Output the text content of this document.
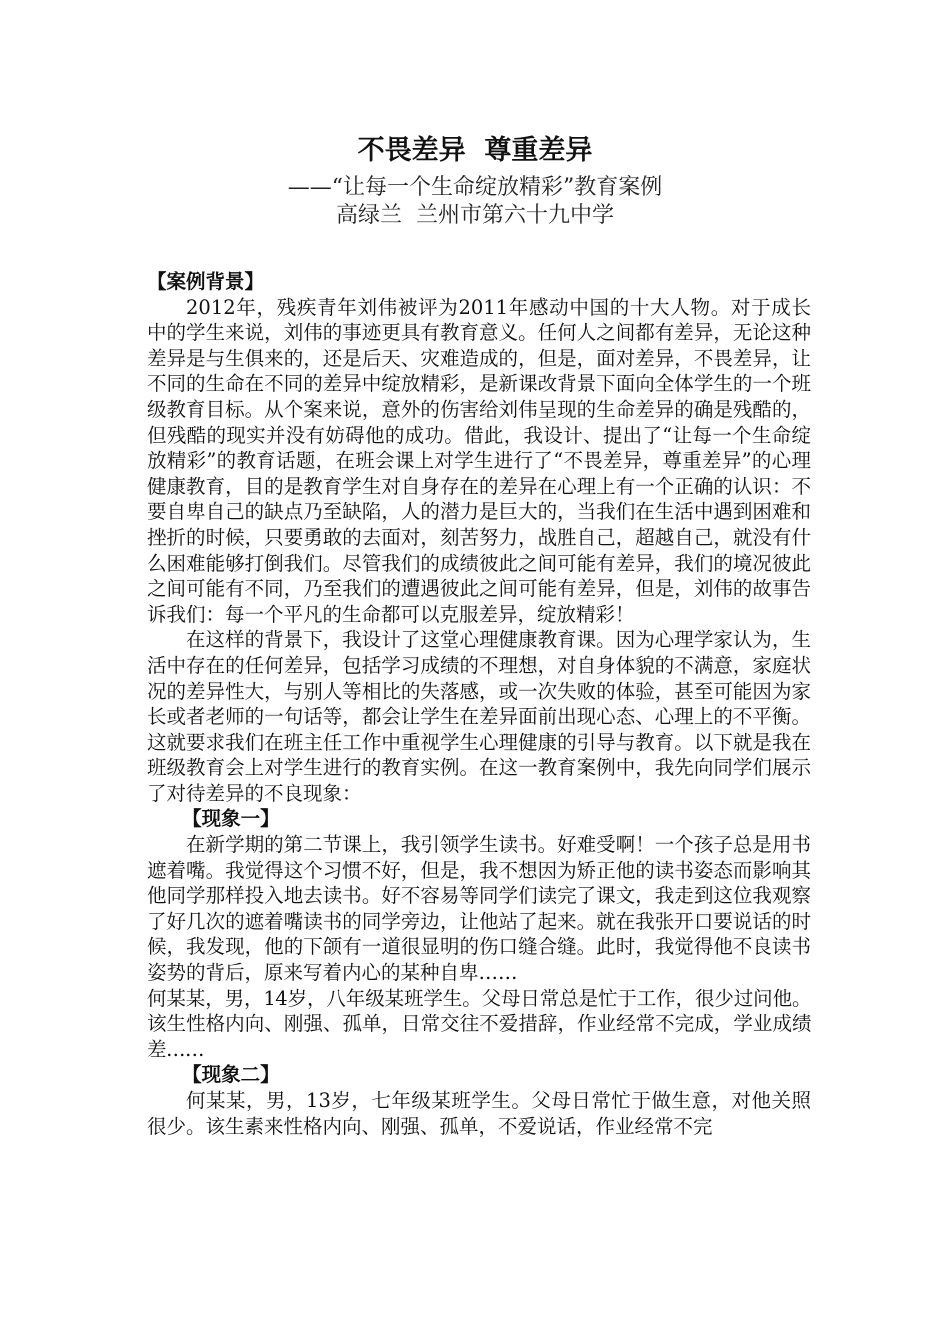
不畏差异  尊重差异
——“让每一个生命绽放精彩”教育案例
高绿兰  兰州市第六十九中学

【案例背景】

2012年，残疾青年刘伟被评为2011年感动中国的十大人物。对于成长中的学生来说，刘伟的事迹更具有教育意义。任何人之间都有差异，无论这种差异是与生俱来的，还是后天、灾难造成的，但是，面对差异，不畏差异，让不同的生命在不同的差异中绽放精彩，是新课改背景下面向全体学生的一个班级教育目标。从个案来说，意外的伤害给刘伟呈现的生命差异的确是残酷的，但残酷的现实并没有妨碍他的成功。借此，我设计、提出了“让每一个生命绽放精彩”的教育话题，在班会课上对学生进行了“不畏差异，尊重差异”的心理健康教育，目的是教育学生对自身存在的差异在心理上有一个正确的认识：不要自卑自己的缺点乃至缺陷，人的潜力是巨大的，当我们在生活中遇到困难和挫折的时候，只要勇敢的去面对，刻苦努力，战胜自己，超越自己，就没有什么困难能够打倒我们。尽管我们的成绩彼此之间可能有差异，我们的境况彼此之间可能有不同，乃至我们的遭遇彼此之间可能有差异，但是，刘伟的故事告诉我们：每一个平凡的生命都可以克服差异，绽放精彩！

在这样的背景下，我设计了这堂心理健康教育课。因为心理学家认为，生活中存在的任何差异，包括学习成绩的不理想，对自身体貌的不满意，家庭状况的差异性大，与别人等相比的失落感，或一次失败的体验，甚至可能因为家长或者老师的一句话等，都会让学生在差异面前出现心态、心理上的不平衡。这就要求我们在班主任工作中重视学生心理健康的引导与教育。以下就是我在班级教育会上对学生进行的教育实例。在这一教育案例中，我先向同学们展示了对待差异的不良现象：

【现象一】

在新学期的第二节课上，我引领学生读书。好难受啊！一个孩子总是用书遮着嘴。我觉得这个习惯不好，但是，我不想因为矫正他的读书姿态而影响其他同学那样投入地去读书。好不容易等同学们读完了课文，我走到这位我观察了好几次的遮着嘴读书的同学旁边，让他站了起来。就在我张开口要说话的时候，我发现，他的下颌有一道很显明的伤口缝合缝。此时，我觉得他不良读书姿势的背后，原来写着内心的某种自卑……

何某某，男，14岁，八年级某班学生。父母日常总是忙于工作，很少过问他。该生性格内向、刚强、孤单，日常交往不爱措辞，作业经常不完成，学业成绩差……

【现象二】

何某某，男，13岁，七年级某班学生。父母日常忙于做生意，对他关照很少。该生素来性格内向、刚强、孤单，不爱说话，作业经常不完
